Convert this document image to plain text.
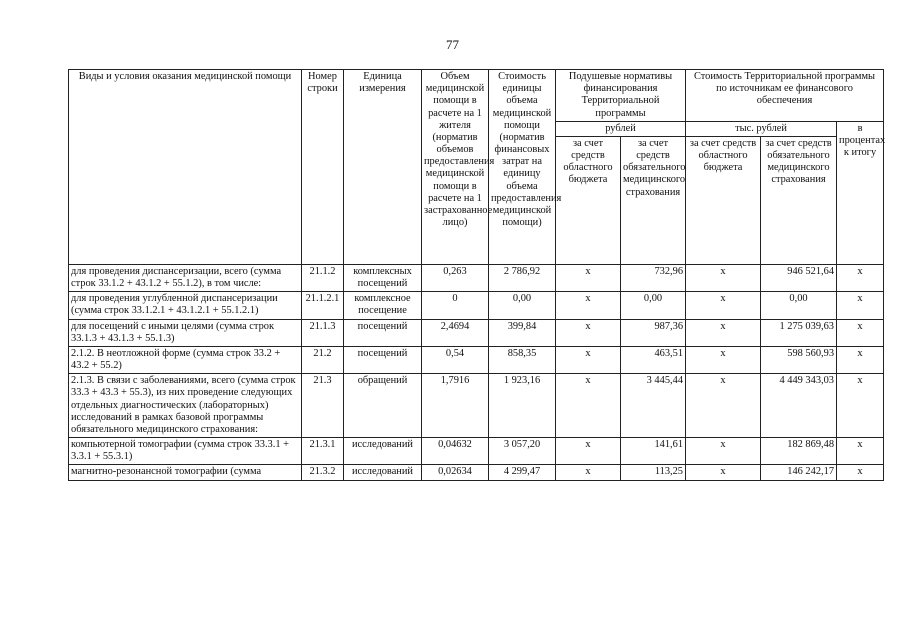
77
Виды и условия оказания медицинской помощи	Номер строки	Единица измерения	Объем медицинской помощи в расчете на 1 жителя (норматив объемов предоставления медицинской помощи в расчете на 1 застрахованное лицо)	Стоимость единицы объема медицинской помощи (норматив финансовых затрат на единицу объема предоставления медицинской помощи)	Подушевые нормативы финансирования Территориальной программы		Стоимость Территориальной программы по источникам ее финансового обеспечения		
					рублей		тыс. рублей		в процентах к итогу
					за счет средств областного бюджета	за счет средств обязательного медицинского страхования	за счет средств областного бюджета	за счет средств обязательного медицинского страхования	
для проведения диспансеризации, всего (сумма строк 33.1.2 + 43.1.2 + 55.1.2), в том числе:	21.1.2	комплексных посещений	0,263	2 786,92	x	732,96	x	946 521,64	x
для проведения углубленной диспансеризации (сумма строк 33.1.2.1 + 43.1.2.1 + 55.1.2.1)	21.1.2.1	комплексное посещение	0	0,00	x	0,00	x	0,00	x
для посещений с иными целями (сумма строк 33.1.3 + 43.1.3 + 55.1.3)	21.1.3	посещений	2,4694	399,84	x	987,36	x	1 275 039,63	x
2.1.2. В неотложной форме (сумма строк 33.2 + 43.2 + 55.2)	21.2	посещений	0,54	858,35	x	463,51	x	598 560,93	x
2.1.3. В связи с заболеваниями, всего (сумма строк 33.3 + 43.3 + 55.3), из них проведение следующих отдельных диагностических (лабораторных) исследований в рамках базовой программы обязательного медицинского страхования:	21.3	обращений	1,7916	1 923,16	x	3 445,44	x	4 449 343,03	x
компьютерной томографии (сумма строк 33.3.1 + 3.3.1 + 55.3.1)	21.3.1	исследований	0,04632	3 057,20	x	141,61	x	182 869,48	x
магнитно-резонансной томографии (сумма	21.3.2	исследований	0,02634	4 299,47	x	113,25	x	146 242,17	x
